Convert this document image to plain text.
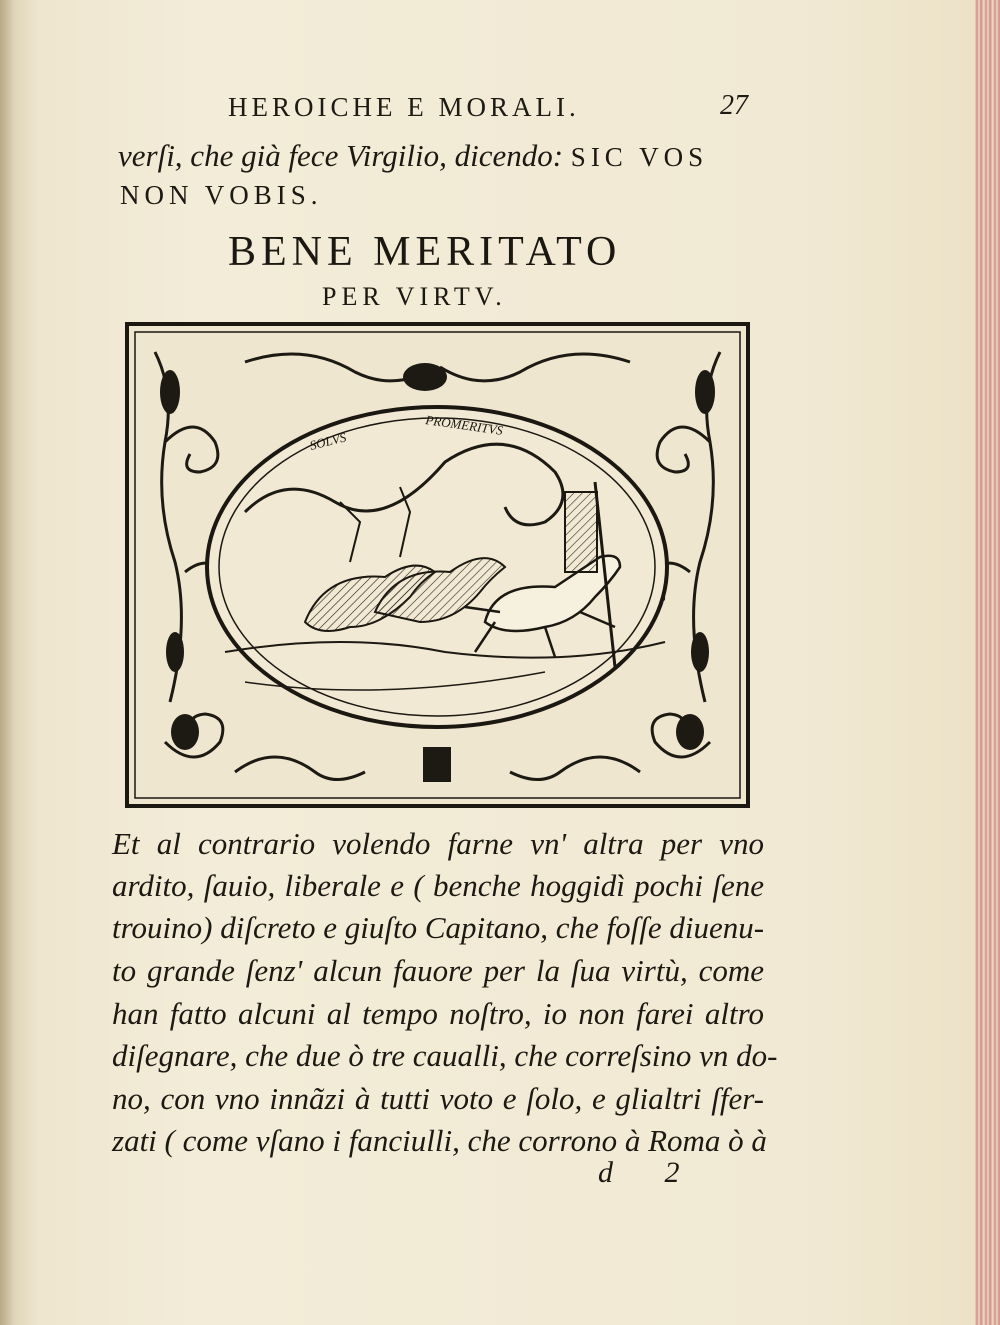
HEROICHE E MORALI.	27
verſi, che già fece Virgilio, dicendo: SIC VOS
NON VOBIS.
BENE MERITATO
PER VIRTV.
SOLVS
PROMERITVS
Et al contrario volendo farne vn' altra per vno
ardito, ſauio, liberale e ( benche hoggidì pochi ſene
trouino) diſcreto e giuſto Capitano, che foſſe diuenu-
to grande ſenz' alcun fauore per la ſua virtù, come
han fatto alcuni al tempo noſtro, io non farei altro
diſegnare, che due ò tre caualli, che correſsino vn do-
no, con vno innãzi à tutti voto e ſolo, e glialtri ſfer-
zati ( come vſano i fanciulli, che corrono à Roma ò à
d 2
